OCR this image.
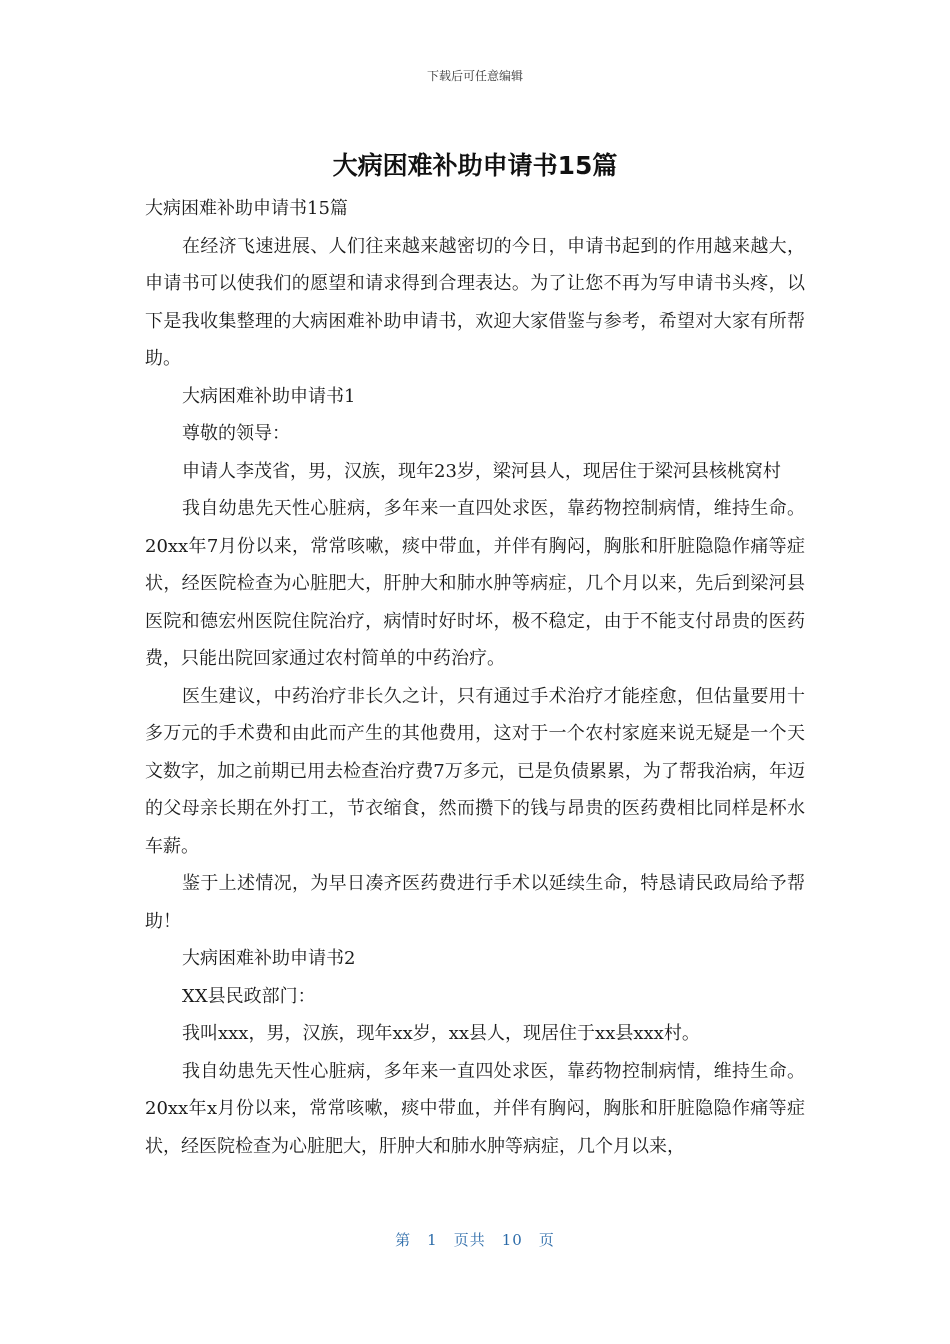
下载后可任意编辑
大病困难补助申请书15篇

大病困难补助申请书15篇

在经济飞速进展、人们往来越来越密切的今日，申请书起到的作用越来越大，申请书可以使我们的愿望和请求得到合理表达。为了让您不再为写申请书头疼，以下是我收集整理的大病困难补助申请书，欢迎大家借鉴与参考，希望对大家有所帮助。

大病困难补助申请书1

尊敬的领导：

申请人李茂省，男，汉族，现年23岁，梁河县人，现居住于梁河县核桃窝村

我自幼患先天性心脏病，多年来一直四处求医，靠药物控制病情，维持生命。20xx年7月份以来，常常咳嗽，痰中带血，并伴有胸闷，胸胀和肝脏隐隐作痛等症状，经医院检查为心脏肥大，肝肿大和肺水肿等病症，几个月以来，先后到梁河县医院和德宏州医院住院治疗，病情时好时坏，极不稳定，由于不能支付昂贵的医药费，只能出院回家通过农村简单的中药治疗。

医生建议，中药治疗非长久之计，只有通过手术治疗才能痊愈，但估量要用十多万元的手术费和由此而产生的其他费用，这对于一个农村家庭来说无疑是一个天文数字，加之前期已用去检查治疗费7万多元，已是负债累累，为了帮我治病，年迈的父母亲长期在外打工，节衣缩食，然而攒下的钱与昂贵的医药费相比同样是杯水车薪。

鉴于上述情况，为早日凑齐医药费进行手术以延续生命，特恳请民政局给予帮助！

大病困难补助申请书2

XX县民政部门：

我叫xxx，男，汉族，现年xx岁，xx县人，现居住于xx县xxx村。

我自幼患先天性心脏病，多年来一直四处求医，靠药物控制病情，维持生命。20xx年x月份以来，常常咳嗽，痰中带血，并伴有胸闷，胸胀和肝脏隐隐作痛等症状，经医院检查为心脏肥大，肝肿大和肺水肿等病症，几个月以来，

第 1 页共 10 页
